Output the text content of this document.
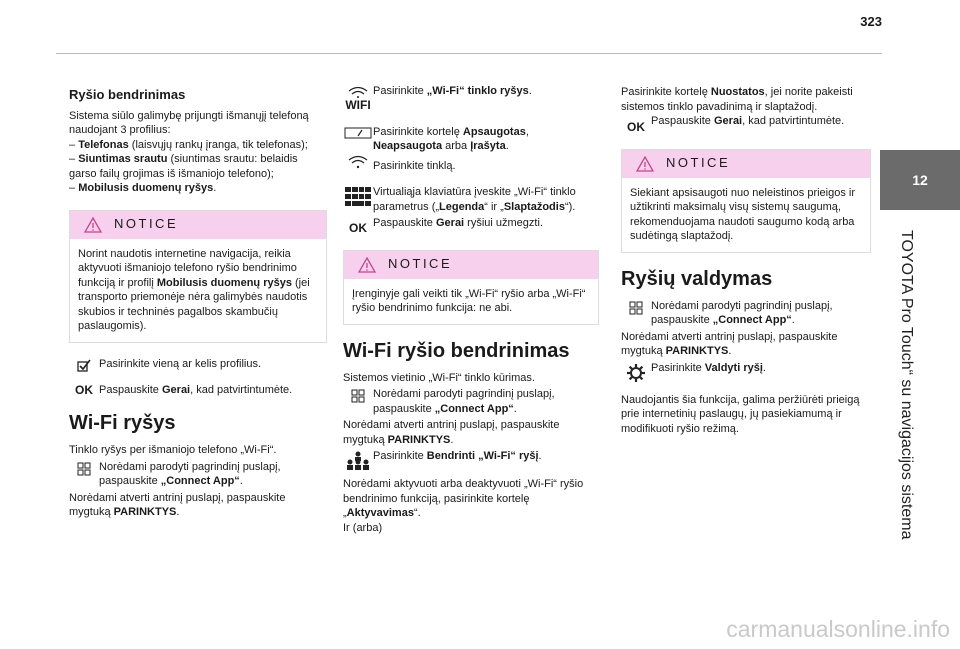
323
12
TOYOTA Pro Touch“ su navigacijos sistema

Ryšio bendrinimas

Sistema siūlo galimybę prijungti išmanųjį telefoną naudojant 3 profilius:

– Telefonas (laisvųjų rankų įranga, tik telefonas);

– Siuntimas srautu (siuntimas srautu: belaidis garso failų grojimas iš išmaniojo telefono);

– Mobilusis duomenų ryšys.

NOTICE
Norint naudotis internetine navigacija, reikia aktyvuoti išmaniojo telefono ryšio bendrinimo funkciją ir profilį Mobilusis duomenų ryšys (jei transporto priemonėje nėra galimybės naudotis skubios ir techninės pagalbos skambučių paslaugomis).

Pasirinkite vieną ar kelis profilius.

OK Paspauskite Gerai, kad patvirtintumėte.

Wi-Fi ryšys

Tinklo ryšys per išmaniojo telefono „Wi-Fi“.

Norėdami parodyti pagrindinį puslapį, paspauskite „Connect App“.

Norėdami atverti antrinį puslapį, paspauskite mygtuką PARINKTYS.

WIFI

Pasirinkite „Wi-Fi“ tinklo ryšys.

Pasirinkite kortelę Apsaugotas, Neapsaugota arba Įrašyta.

Pasirinkite tinklą.

Virtualiąja klaviatūra įveskite „Wi-Fi“ tinklo parametrus („Legenda“ ir „Slaptažodis“).

OK Paspauskite Gerai ryšiui užmegzti.

NOTICE
Įrenginyje gali veikti tik „Wi-Fi“ ryšio arba „Wi-Fi“ ryšio bendrinimo funkcija: ne abi.

Wi-Fi ryšio bendrinimas

Sistemos vietinio „Wi-Fi“ tinklo kūrimas.

Norėdami parodyti pagrindinį puslapį, paspauskite „Connect App“.

Norėdami atverti antrinį puslapį, paspauskite mygtuką PARINKTYS.

Pasirinkite Bendrinti „Wi-Fi“ ryšį.

Norėdami aktyvuoti arba deaktyvuoti „Wi-Fi“ ryšio bendrinimo funkciją, pasirinkite kortelę „Aktyvavimas“.

Ir (arba)

Pasirinkite kortelę Nuostatos, jei norite pakeisti sistemos tinklo pavadinimą ir slaptažodį.

OK Paspauskite Gerai, kad patvirtintumėte.

NOTICE
Siekiant apsisaugoti nuo neleistinos prieigos ir užtikrinti maksimalų visų sistemų saugumą, rekomenduojama naudoti saugumo kodą arba sudėtingą slaptažodį.

Ryšių valdymas

Norėdami parodyti pagrindinį puslapį, paspauskite „Connect App“.

Norėdami atverti antrinį puslapį, paspauskite mygtuką PARINKTYS.

Pasirinkite Valdyti ryšį.

Naudojantis šia funkcija, galima peržiūrėti prieigą prie internetinių paslaugų, jų pasiekiamumą ir modifikuoti ryšio režimą.

carmanualsonline.info
